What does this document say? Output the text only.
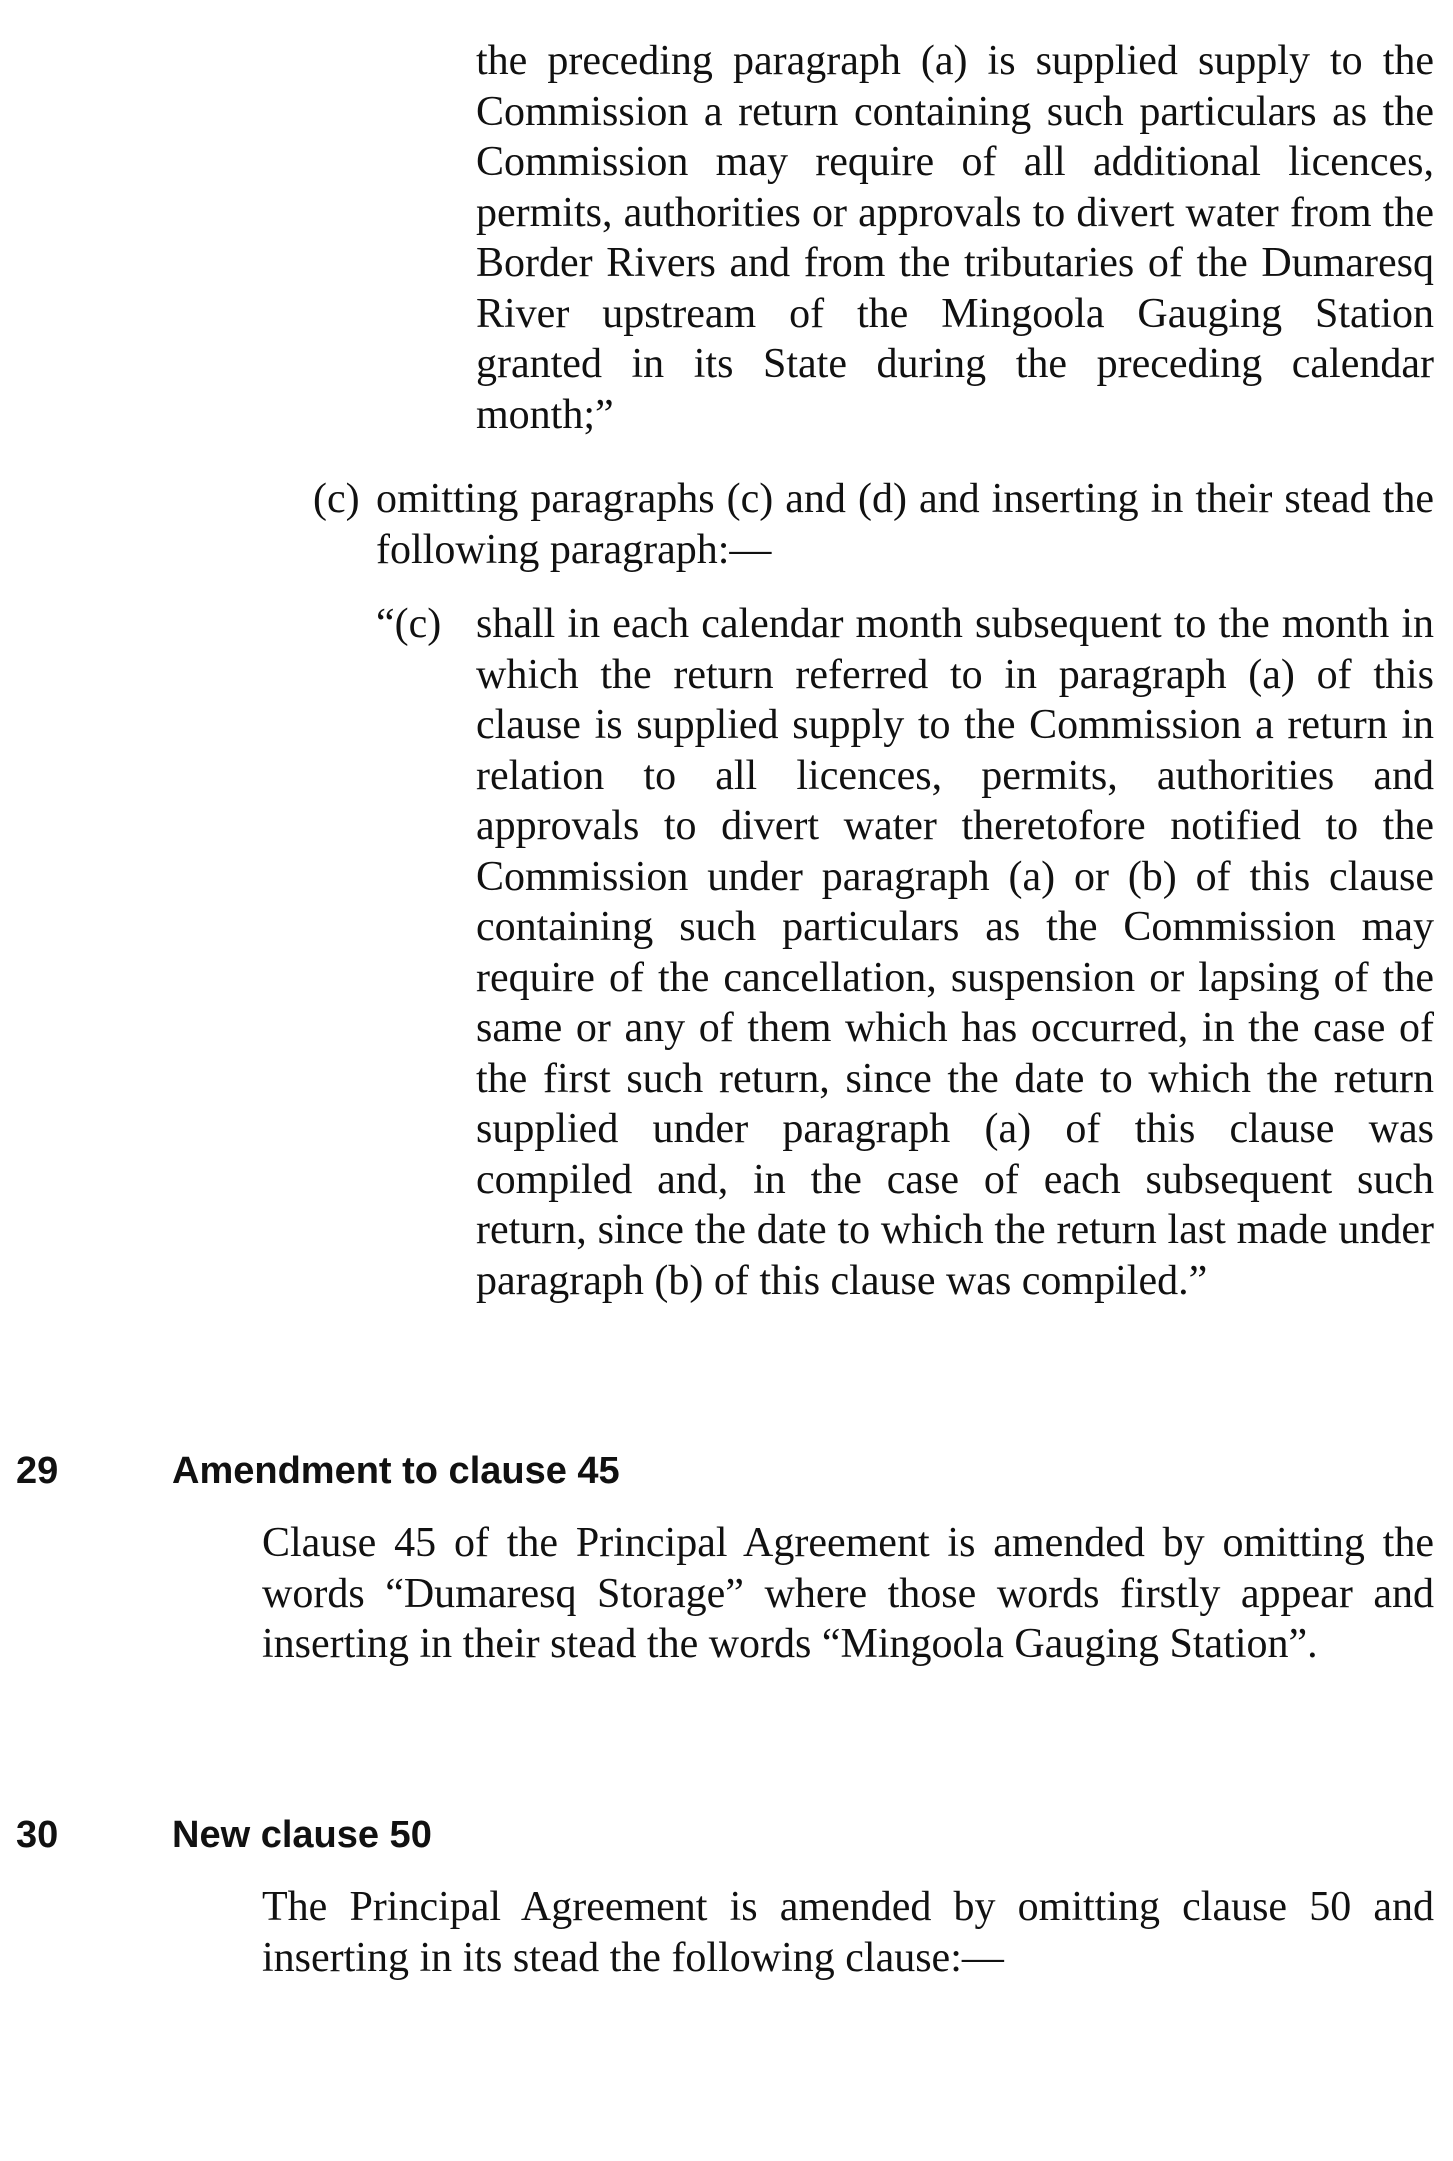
the preceding paragraph (a) is supplied supply to the Commission a return containing such particulars as the Commission may require of all additional licences, permits, authorities or approvals to divert water from the Border Rivers and from the tributaries of the Dumaresq River upstream of the Mingoola Gauging Station granted in its State during the preceding calendar month;”
(c) omitting paragraphs (c) and (d) and inserting in their stead the following paragraph:—
“(c) shall in each calendar month subsequent to the month in which the return referred to in paragraph (a) of this clause is supplied supply to the Commission a return in relation to all licences, permits, authorities and approvals to divert water theretofore notified to the Commission under paragraph (a) or (b) of this clause containing such particulars as the Commission may require of the cancellation, suspension or lapsing of the same or any of them which has occurred, in the case of the first such return, since the date to which the return supplied under paragraph (a) of this clause was compiled and, in the case of each subsequent such return, since the date to which the return last made under paragraph (b) of this clause was compiled.”
29	Amendment to clause 45
Clause 45 of the Principal Agreement is amended by omitting the words “Dumaresq Storage” where those words firstly appear and inserting in their stead the words “Mingoola Gauging Station”.
30	New clause 50
The Principal Agreement is amended by omitting clause 50 and inserting in its stead the following clause:—
